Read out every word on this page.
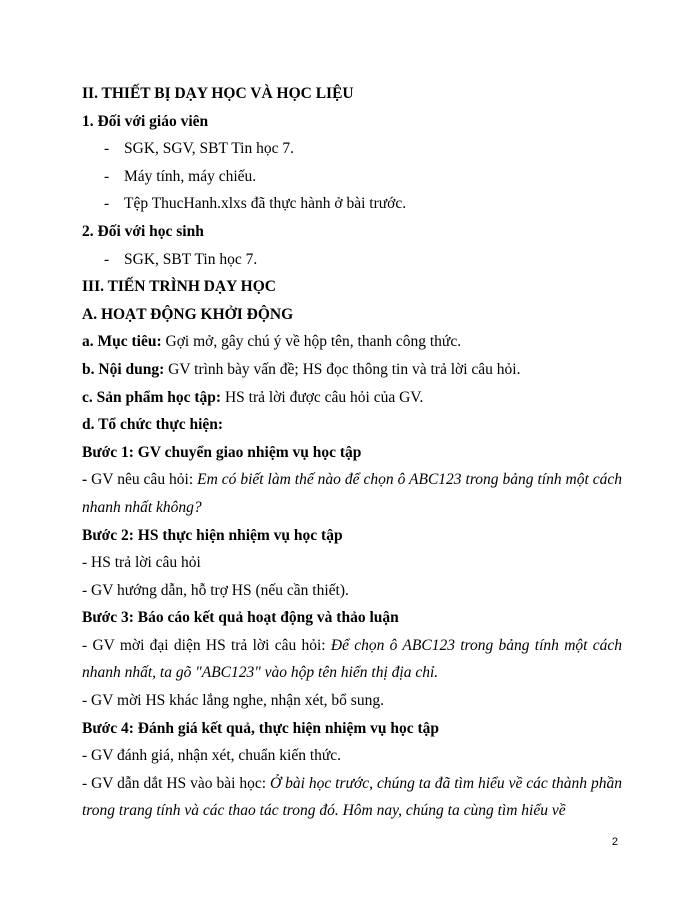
II. THIẾT BỊ DẠY HỌC VÀ HỌC LIỆU
1. Đối với giáo viên
- SGK, SGV, SBT Tin học 7.
- Máy tính, máy chiếu.
- Tệp ThucHanh.xlxs đã thực hành ở bài trước.
2. Đối với học sinh
- SGK, SBT Tin học 7.
III. TIẾN TRÌNH DẠY HỌC
A. HOẠT ĐỘNG KHỞI ĐỘNG
a. Mục tiêu: Gợi mở, gây chú ý về hộp tên, thanh công thức.
b. Nội dung: GV trình bày vấn đề; HS đọc thông tin và trả lời câu hỏi.
c. Sản phẩm học tập: HS trả lời được câu hỏi của GV.
d. Tổ chức thực hiện:
Bước 1: GV chuyển giao nhiệm vụ học tập
- GV nêu câu hỏi: Em có biết làm thế nào để chọn ô ABC123 trong bảng tính một cách nhanh nhất không?
Bước 2: HS thực hiện nhiệm vụ học tập
- HS trả lời câu hỏi
- GV hướng dẫn, hỗ trợ HS (nếu cần thiết).
Bước 3: Báo cáo kết quả hoạt động và thảo luận
- GV mời đại diện HS trả lời câu hỏi: Để chọn ô ABC123 trong bảng tính một cách nhanh nhất, ta gõ "ABC123" vào hộp tên hiển thị địa chỉ.
- GV mời HS khác lắng nghe, nhận xét, bổ sung.
Bước 4: Đánh giá kết quả, thực hiện nhiệm vụ học tập
- GV đánh giá, nhận xét, chuẩn kiến thức.
- GV dẫn dắt HS vào bài học: Ở bài học trước, chúng ta đã tìm hiểu về các thành phần trong trang tính và các thao tác trong đó. Hôm nay, chúng ta cùng tìm hiểu về
2
